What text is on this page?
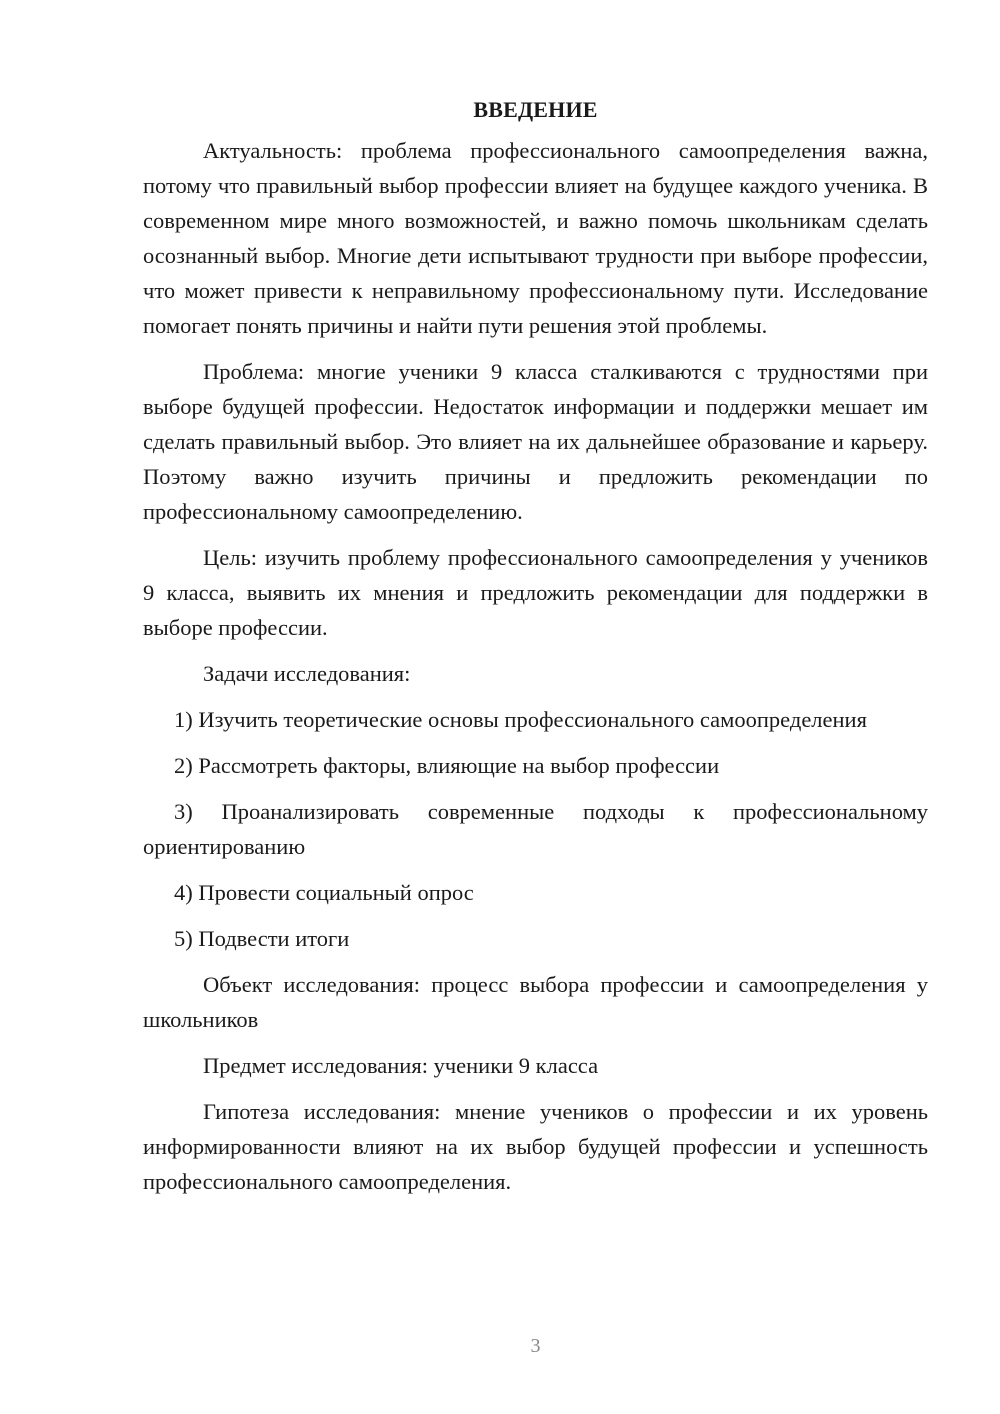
ВВЕДЕНИЕ

Актуальность: проблема профессионального самоопределения важна, потому что правильный выбор профессии влияет на будущее каждого ученика. В современном мире много возможностей, и важно помочь школьникам сделать осознанный выбор. Многие дети испытывают трудности при выборе профессии, что может привести к неправильному профессиональному пути. Исследование помогает понять причины и найти пути решения этой проблемы.

Проблема: многие ученики 9 класса сталкиваются с трудностями при выборе будущей профессии. Недостаток информации и поддержки мешает им сделать правильный выбор. Это влияет на их дальнейшее образование и карьеру. Поэтому важно изучить причины и предложить рекомендации по профессиональному самоопределению.

Цель: изучить проблему профессионального самоопределения у учеников 9 класса, выявить их мнения и предложить рекомендации для поддержки в выборе профессии.

Задачи исследования:

1) Изучить теоретические основы профессионального самоопределения

2) Рассмотреть факторы, влияющие на выбор профессии

3) Проанализировать современные подходы к профессиональному ориентированию

4) Провести социальный опрос

5) Подвести итоги

Объект исследования: процесс выбора профессии и самоопределения у школьников

Предмет исследования: ученики 9 класса

Гипотеза исследования: мнение учеников о профессии и их уровень информированности влияют на их выбор будущей профессии и успешность профессионального самоопределения.

3
